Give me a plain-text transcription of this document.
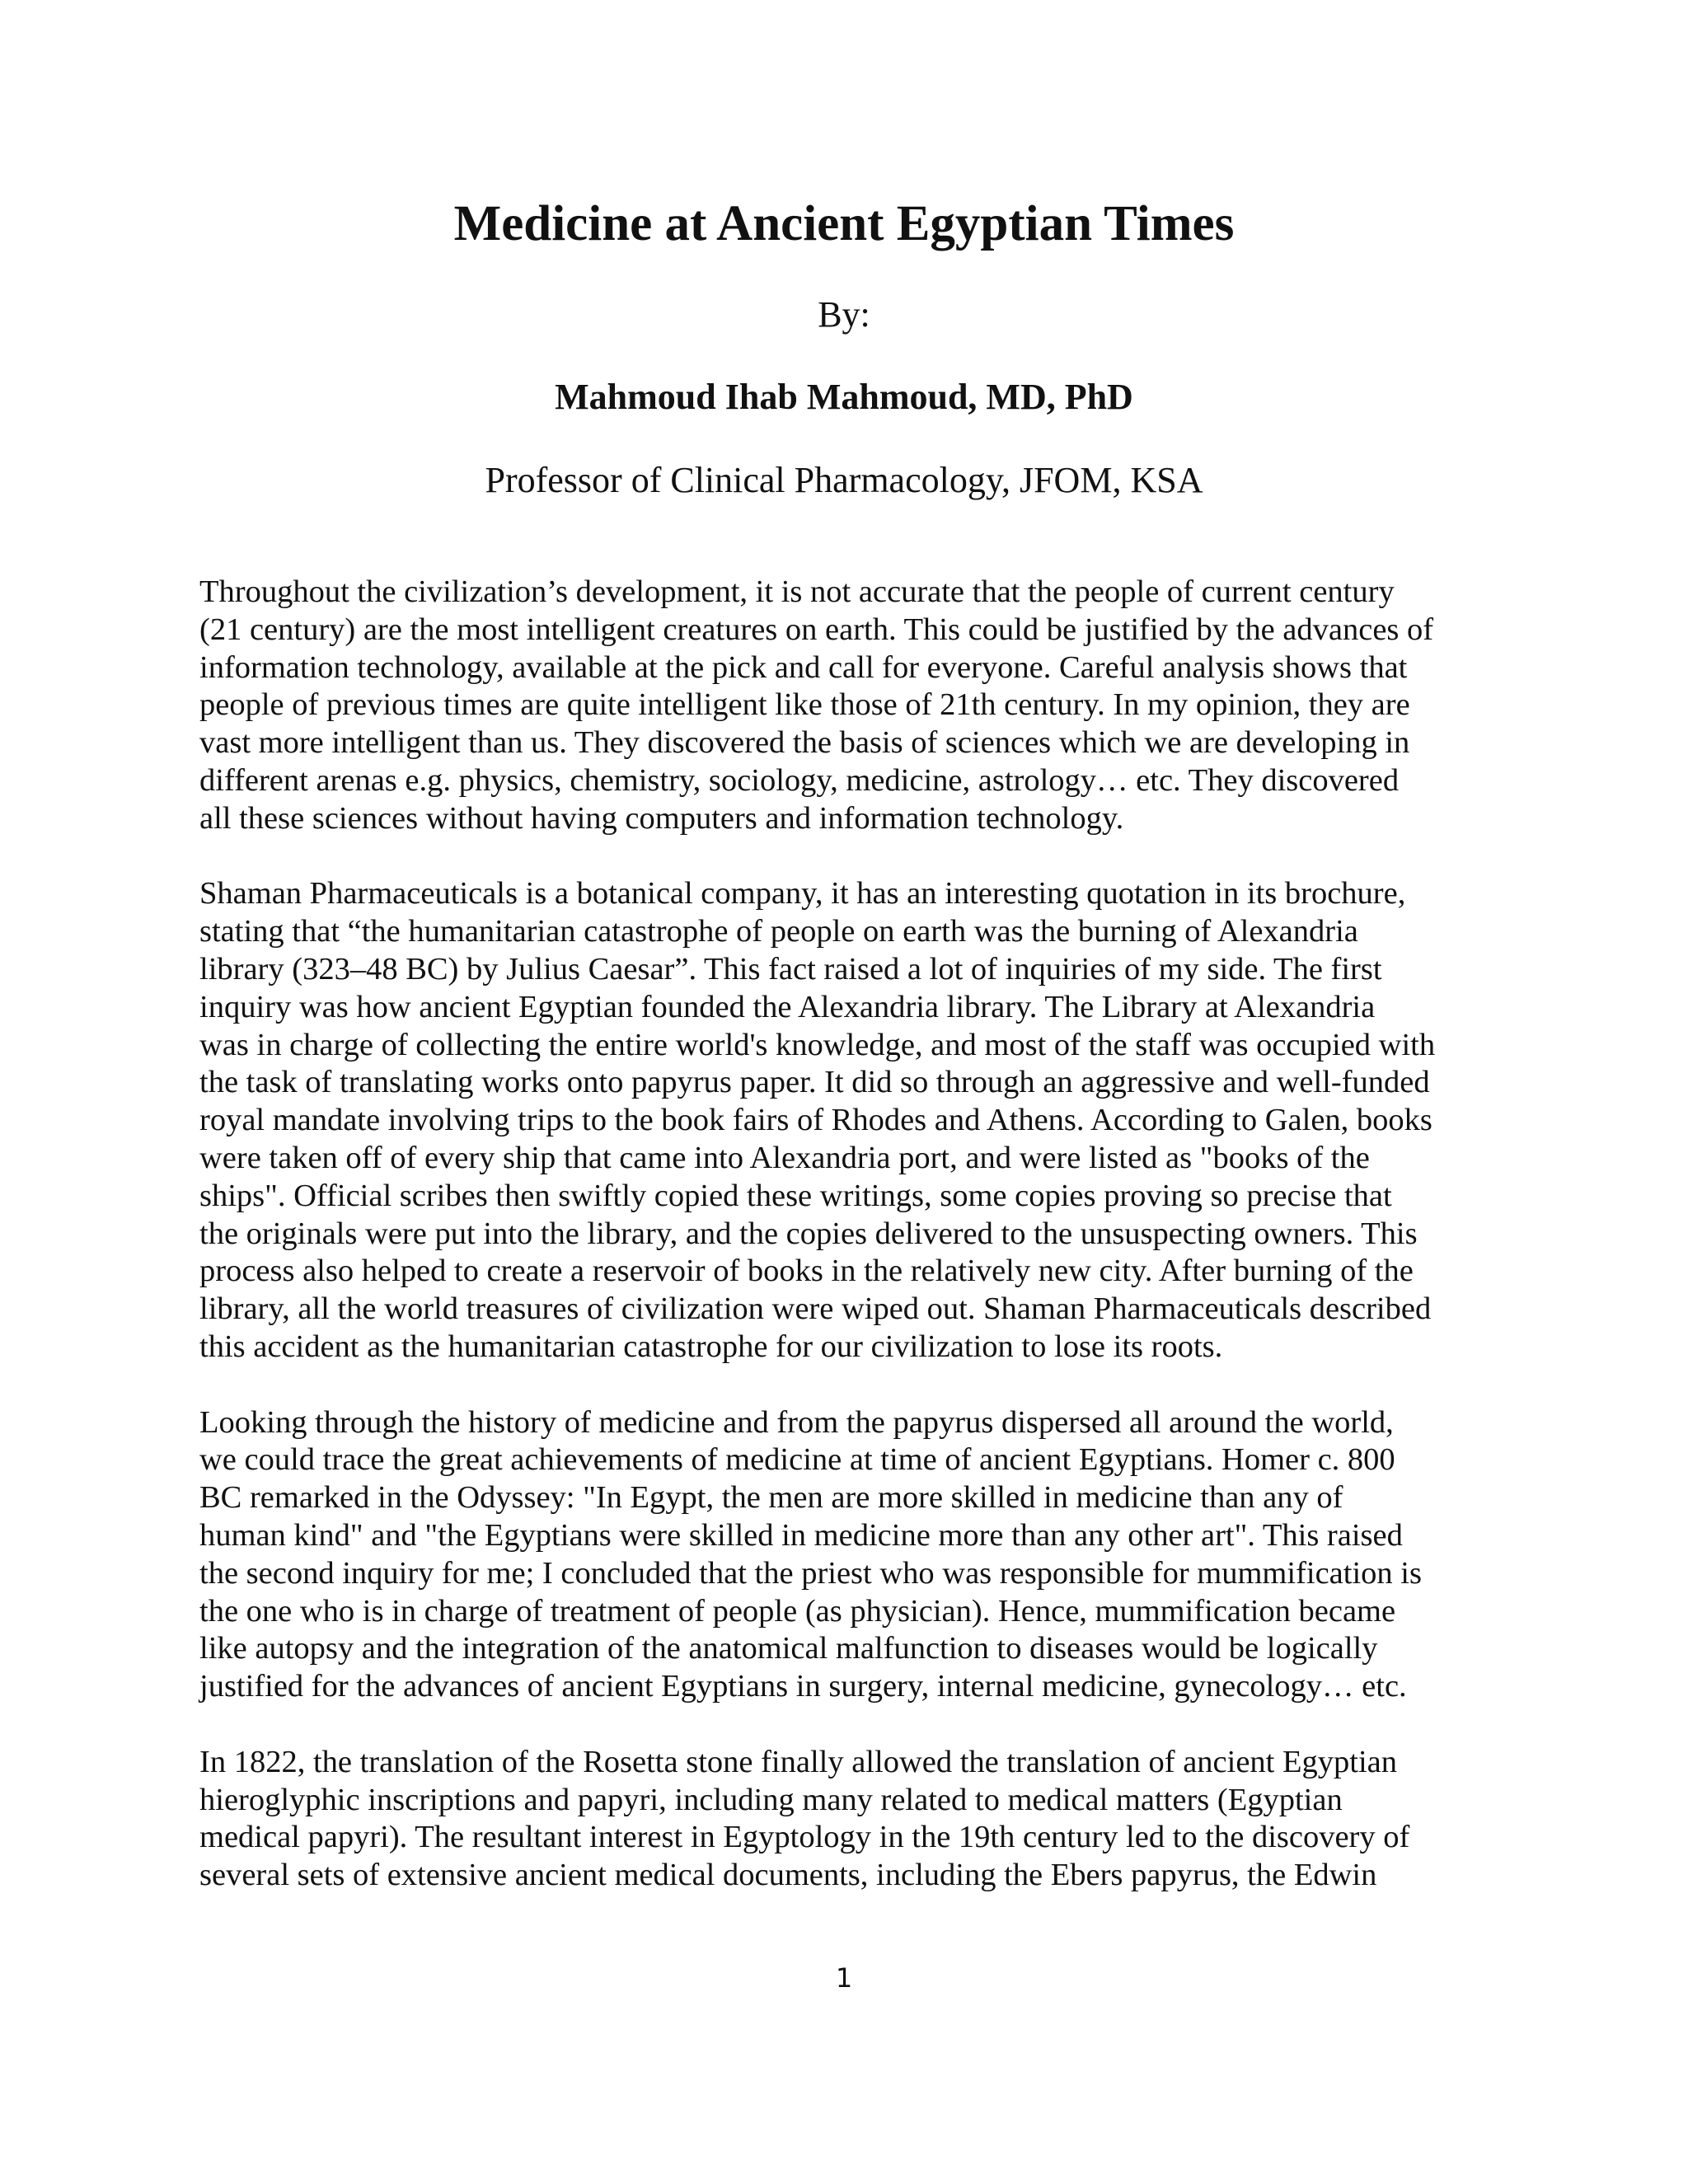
Medicine at Ancient Egyptian Times

By:

Mahmoud Ihab Mahmoud, MD, PhD

Professor of Clinical Pharmacology, JFOM, KSA

Throughout the civilization’s development, it is not accurate that the people of current century
(21 century) are the most intelligent creatures on earth. This could be justified by the advances of
information technology, available at the pick and call for everyone. Careful analysis shows that
people of previous times are quite intelligent like those of 21th century. In my opinion, they are
vast more intelligent than us. They discovered the basis of sciences which we are developing in
different arenas e.g. physics, chemistry, sociology, medicine, astrology… etc. They discovered
all these sciences without having computers and information technology.

Shaman Pharmaceuticals is a botanical company, it has an interesting quotation in its brochure,
stating that “the humanitarian catastrophe of people on earth was the burning of Alexandria
library (323–48 BC) by Julius Caesar”. This fact raised a lot of inquiries of my side. The first
inquiry was how ancient Egyptian founded the Alexandria library. The Library at Alexandria
was in charge of collecting the entire world's knowledge, and most of the staff was occupied with
the task of translating works onto papyrus paper. It did so through an aggressive and well-funded
royal mandate involving trips to the book fairs of Rhodes and Athens. According to Galen, books
were taken off of every ship that came into Alexandria port, and were listed as "books of the
ships". Official scribes then swiftly copied these writings, some copies proving so precise that
the originals were put into the library, and the copies delivered to the unsuspecting owners. This
process also helped to create a reservoir of books in the relatively new city. After burning of the
library, all the world treasures of civilization were wiped out. Shaman Pharmaceuticals described
this accident as the humanitarian catastrophe for our civilization to lose its roots.

Looking through the history of medicine and from the papyrus dispersed all around the world,
we could trace the great achievements of medicine at time of ancient Egyptians. Homer c. 800
BC remarked in the Odyssey: "In Egypt, the men are more skilled in medicine than any of
human kind" and "the Egyptians were skilled in medicine more than any other art". This raised
the second inquiry for me; I concluded that the priest who was responsible for mummification is
the one who is in charge of treatment of people (as physician). Hence, mummification became
like autopsy and the integration of the anatomical malfunction to diseases would be logically
justified for the advances of ancient Egyptians in surgery, internal medicine, gynecology… etc.

In 1822, the translation of the Rosetta stone finally allowed the translation of ancient Egyptian
hieroglyphic inscriptions and papyri, including many related to medical matters (Egyptian
medical papyri). The resultant interest in Egyptology in the 19th century led to the discovery of
several sets of extensive ancient medical documents, including the Ebers papyrus, the Edwin

1
